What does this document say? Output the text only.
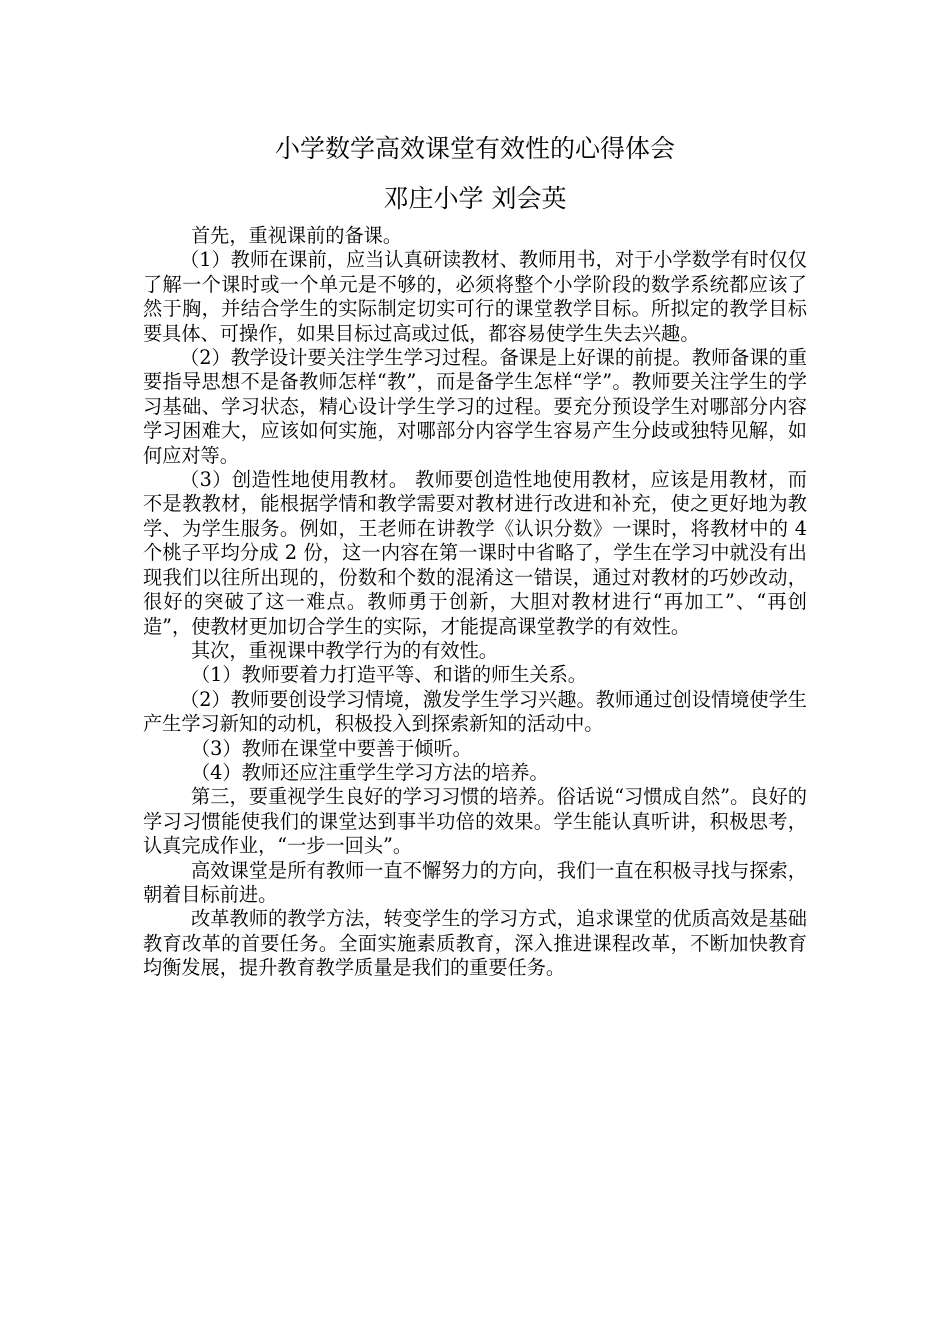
小学数学高效课堂有效性的心得体会
邓庄小学 刘会英

首先，重视课前的备课。

（1）教师在课前，应当认真研读教材、教师用书，对于小学数学有时仅仅了解一个课时或一个单元是不够的，必须将整个小学阶段的数学系统都应该了然于胸，并结合学生的实际制定切实可行的课堂教学目标。所拟定的教学目标要具体、可操作，如果目标过高或过低，都容易使学生失去兴趣。

（2）教学设计要关注学生学习过程。备课是上好课的前提。教师备课的重要指导思想不是备教师怎样“教”，而是备学生怎样“学”。教师要关注学生的学习基础、学习状态，精心设计学生学习的过程。要充分预设学生对哪部分内容学习困难大，应该如何实施，对哪部分内容学生容易产生分歧或独特见解，如何应对等。

（3）创造性地使用教材。 教师要创造性地使用教材，应该是用教材，而不是教教材，能根据学情和教学需要对教材进行改进和补充，使之更好地为教学、为学生服务。例如，王老师在讲教学《认识分数》一课时，将教材中的 4 个桃子平均分成 2 份，这一内容在第一课时中省略了，学生在学习中就没有出现我们以往所出现的，份数和个数的混淆这一错误，通过对教材的巧妙改动，很好的突破了这一难点。教师勇于创新，大胆对教材进行“再加工”、“再创造”，使教材更加切合学生的实际，才能提高课堂教学的有效性。

其次，重视课中教学行为的有效性。

（1）教师要着力打造平等、和谐的师生关系。

（2）教师要创设学习情境，激发学生学习兴趣。教师通过创设情境使学生产生学习新知的动机，积极投入到探索新知的活动中。

（3）教师在课堂中要善于倾听。

（4）教师还应注重学生学习方法的培养。

第三，要重视学生良好的学习习惯的培养。俗话说“习惯成自然”。良好的学习习惯能使我们的课堂达到事半功倍的效果。学生能认真听讲，积极思考，认真完成作业，“一步一回头”。

高效课堂是所有教师一直不懈努力的方向，我们一直在积极寻找与探索，朝着目标前进。

改革教师的教学方法，转变学生的学习方式，追求课堂的优质高效是基础教育改革的首要任务。全面实施素质教育，深入推进课程改革，不断加快教育均衡发展，提升教育教学质量是我们的重要任务。
